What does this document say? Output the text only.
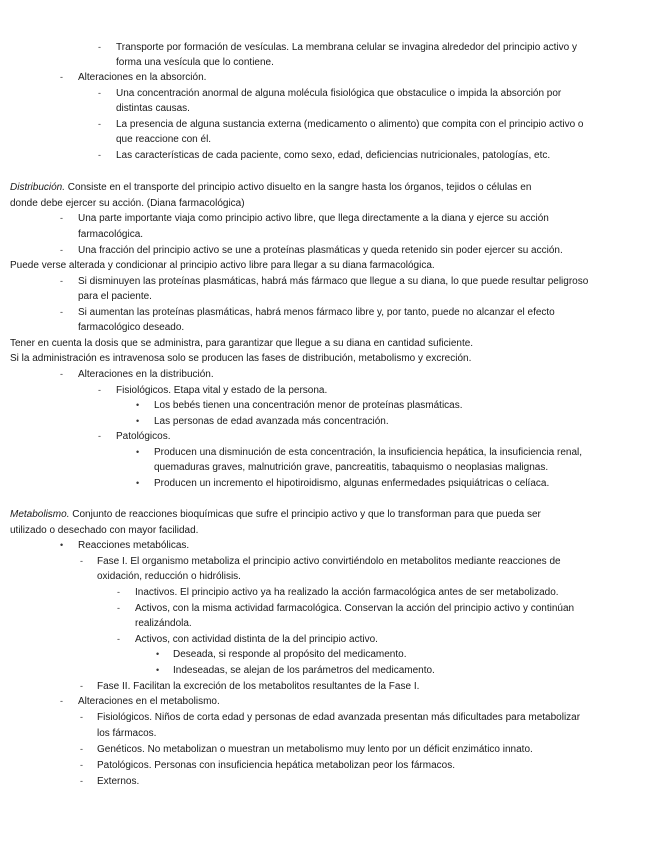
- Transporte por formación de vesículas. La membrana celular se invagina alrededor del principio activo y
forma una vesícula que lo contiene.
- Alteraciones en la absorción.
- Una concentración anormal de alguna molécula fisiológica que obstaculice o impida la absorción por
distintas causas.
- La presencia de alguna sustancia externa (medicamento o alimento) que compita con el principio activo o
que reaccione con él.
- Las características de cada paciente, como sexo, edad, deficiencias nutricionales, patologías, etc.
Distribución. Consiste en el transporte del principio activo disuelto en la sangre hasta los órganos, tejidos o células en
donde debe ejercer su acción. (Diana farmacológica)
- Una parte importante viaja como principio activo libre, que llega directamente a la diana y ejerce su acción
farmacológica.
- Una fracción del principio activo se une a proteínas plasmáticas y queda retenido sin poder ejercer su acción.
Puede verse alterada y condicionar al principio activo libre para llegar a su diana farmacológica.
- Si disminuyen las proteínas plasmáticas, habrá más fármaco que llegue a su diana, lo que puede resultar peligroso
para el paciente.
- Si aumentan las proteínas plasmáticas, habrá menos fármaco libre y, por tanto, puede no alcanzar el efecto
farmacológico deseado.
Tener en cuenta la dosis que se administra, para garantizar que llegue a su diana en cantidad suficiente.
Si la administración es intravenosa solo se producen las fases de distribución, metabolismo y excreción.
- Alteraciones en la distribución.
- Fisiológicos. Etapa vital y estado de la persona.
• Los bebés tienen una concentración menor de proteínas plasmáticas.
• Las personas de edad avanzada más concentración.
- Patológicos.
• Producen una disminución de esta concentración, la insuficiencia hepática, la insuficiencia renal,
quemaduras graves, malnutrición grave, pancreatitis, tabaquismo o neoplasias malignas.
• Producen un incremento el hipotiroidismo, algunas enfermedades psiquiátricas o celíaca.
Metabolismo. Conjunto de reacciones bioquímicas que sufre el principio activo y que lo transforman para que pueda ser
utilizado o desechado con mayor facilidad.
• Reacciones metabólicas.
- Fase I. El organismo metaboliza el principio activo convirtiéndolo en metabolitos mediante reacciones de
oxidación, reducción o hidrólisis.
- Inactivos. El principio activo ya ha realizado la acción farmacológica antes de ser metabolizado.
- Activos, con la misma actividad farmacológica. Conservan la acción del principio activo y continúan
realizándola.
- Activos, con actividad distinta de la del principio activo.
• Deseada, si responde al propósito del medicamento.
• Indeseadas, se alejan de los parámetros del medicamento.
- Fase II. Facilitan la excreción de los metabolitos resultantes de la Fase I.
- Alteraciones en el metabolismo.
- Fisiológicos. Niños de corta edad y personas de edad avanzada presentan más dificultades para metabolizar
los fármacos.
- Genéticos. No metabolizan o muestran un metabolismo muy lento por un déficit enzimático innato.
- Patológicos. Personas con insuficiencia hepática metabolizan peor los fármacos.
- Externos.
